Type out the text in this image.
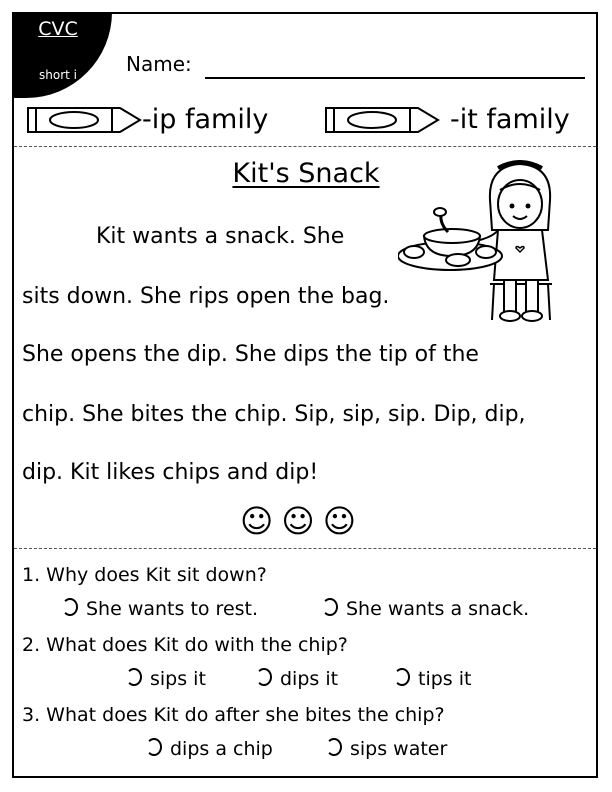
CVC
short i	Name:
-ip family	-it family
Kit's Snack
Kit wants a snack. She
sits down. She rips open the bag.
She opens the dip. She dips the tip of the
chip. She bites the chip. Sip, sip, sip. Dip, dip,
dip. Kit likes chips and dip!
☺☺☺
1. Why does Kit sit down?
She wants to rest.	She wants a snack.
2. What does Kit do with the chip?
sips it	dips it	tips it
3. What does Kit do after she bites the chip?
dips a chip	sips water
